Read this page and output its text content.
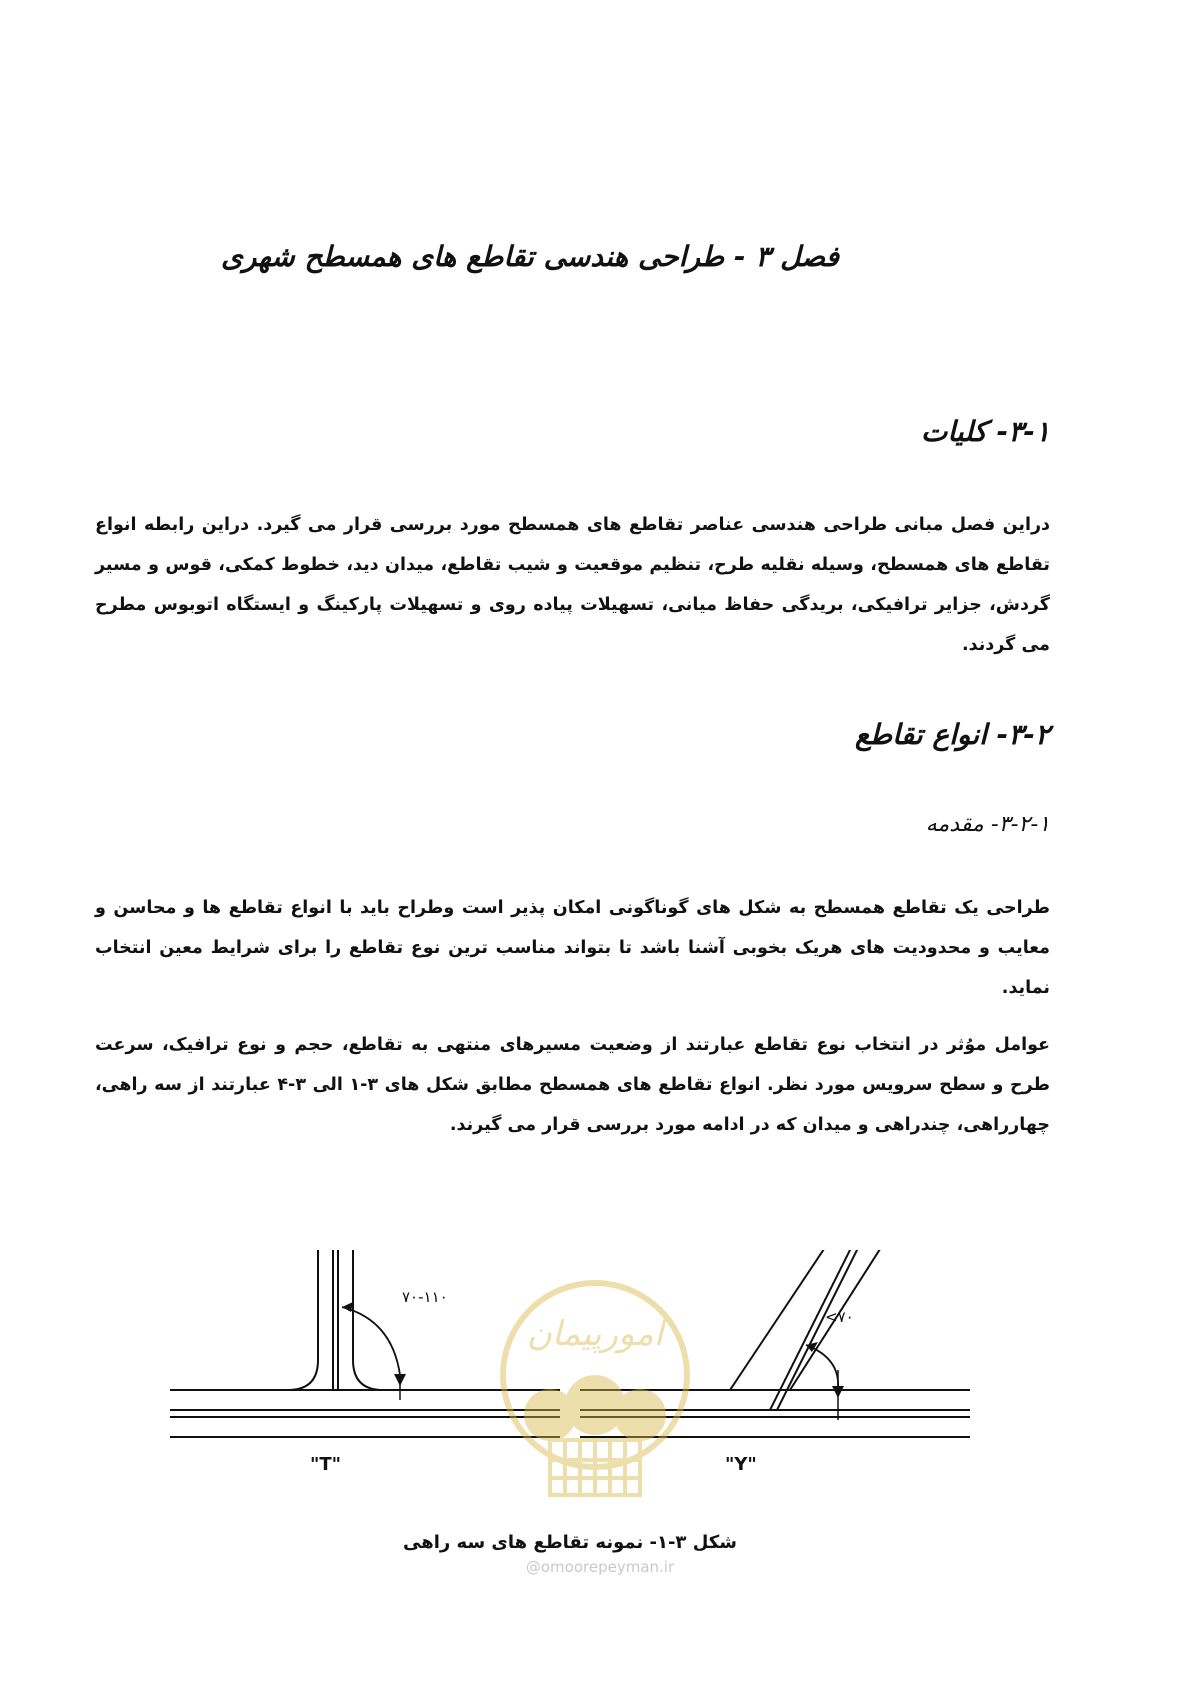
فصل ۳ - طراحی هندسی تقاطع های همسطح شهری
۳-۱- کلیات
دراین فصل مبانی طراحی هندسی عناصر تقاطع های همسطح مورد بررسی قرار می گیرد. دراین رابطه انواع تقاطع های همسطح، وسیله نقلیه طرح، تنظیم موقعیت و شیب تقاطع، میدان دید، خطوط کمکی، قوس و مسیر گردش، جزایر ترافیکی، بریدگی حفاظ میانی، تسهیلات پیاده روی و تسهیلات پارکینگ و ایستگاه اتوبوس مطرح می گردند.
۳-۲- انواع تقاطع
۳-۲-۱- مقدمه
طراحی یک تقاطع همسطح به شکل های گوناگونی امکان پذیر است وطراح باید با انواع تقاطع ها و محاسن و معایب و محدودیت های هریک بخوبی آشنا باشد تا بتواند مناسب ترین نوع تقاطع را برای شرایط معین انتخاب نماید.
عوامل موُثر در انتخاب نوع تقاطع عبارتند از وضعیت مسیرهای منتهی به تقاطع، حجم و نوع ترافیک، سرعت طرح و سطح سرویس مورد نظر. انواع تقاطع های همسطح مطابق شکل های ۳-۱ الی ۳-۴ عبارتند از سه راهی، چهارراهی، چندراهی و میدان که در ادامه مورد بررسی قرار می گیرند.
۷۰-۱۱۰
"T"
<۷۰
"Y"
امورپیمان
شکل ۳-۱- نمونه تقاطع های سه راهی
@omoorepeyman.ir
